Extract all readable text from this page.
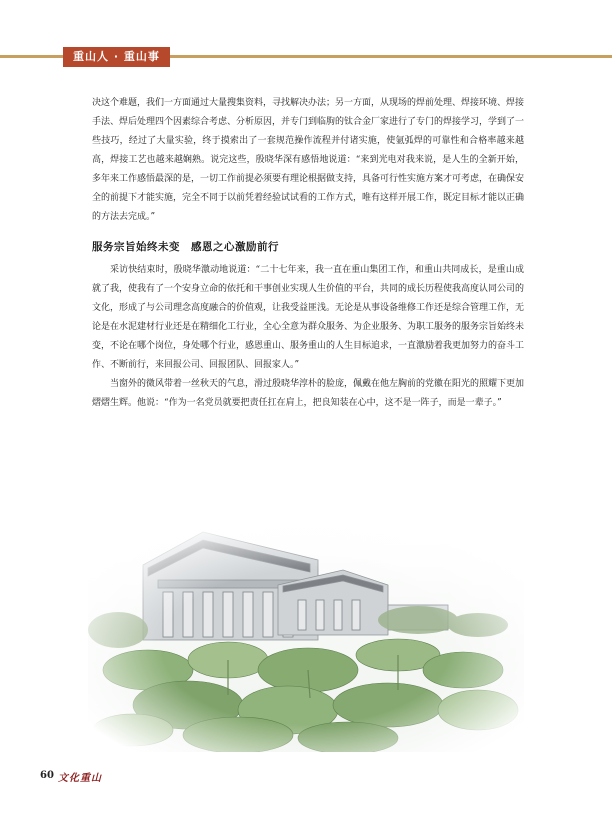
重山人 · 重山事

决这个难题，我们一方面通过大量搜集资料，寻找解决办法；另一方面，从现场的焊前处理、焊接环境、焊接手法、焊后处理四个因素综合考虑、分析原因，并专门到临朐的钛合金厂家进行了专门的焊接学习，学到了一些技巧，经过了大量实验，终于摸索出了一套规范操作流程并付诸实施，使氩弧焊的可靠性和合格率越来越高，焊接工艺也越来越娴熟。说完这些，殷晓华深有感悟地说道：“来到光电对我来说，是人生的全新开始，多年来工作感悟最深的是，一切工作前提必须要有理论根据做支持，具备可行性实施方案才可考虑，在确保安全的前提下才能实施，完全不同于以前凭着经验试试看的工作方式，唯有这样开展工作，既定目标才能以正确的方法去完成。”

服务宗旨始终未变　感恩之心激励前行

采访快结束时，殷晓华激动地说道：“二十七年来，我一直在重山集团工作，和重山共同成长，是重山成就了我，使我有了一个安身立命的依托和干事创业实现人生价值的平台，共同的成长历程使我高度认同公司的文化，形成了与公司理念高度融合的价值观，让我受益匪浅。无论是从事设备维修工作还是综合管理工作，无论是在水泥建材行业还是在精细化工行业，全心全意为群众服务、为企业服务、为职工服务的服务宗旨始终未变，不论在哪个岗位，身处哪个行业，感恩重山、服务重山的人生目标追求，一直激励着我更加努力的奋斗工作、不断前行，来回报公司、回报团队、回报家人。”

当窗外的微风带着一丝秋天的气息，滑过殷晓华淳朴的脸庞，佩戴在他左胸前的党徽在阳光的照耀下更加熠熠生辉。他说：“作为一名党员就要把责任扛在肩上，把良知装在心中，这不是一阵子，而是一辈子。”

60 文化重山
